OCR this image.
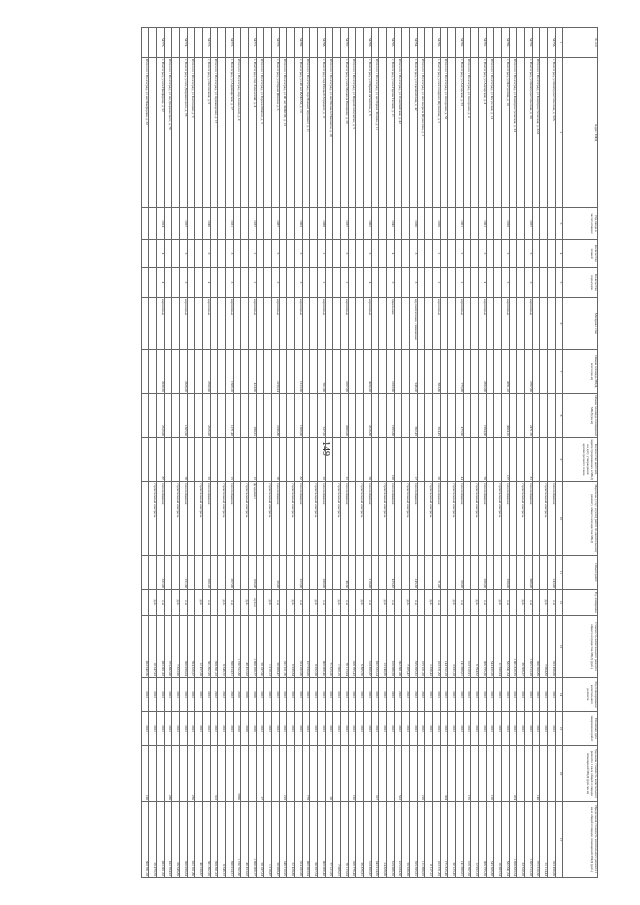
149
№ п/п	Адрес МКД	Год ввода в эксплуатацию	Количество этажей	Количество подъездов	Материал стен	Общая площадь МКД, всего (кв.м)	Общая площадь помещений МКД (кв.м)	Количество жителей, зарегистрированных в МКД на дату утверждения краткосрочного плана	Перечень услуг и (или) работ по капитальному ремонту общего имущества МКД	Объем работ	Ед. измерения	Стоимость капитального ремонта общего имущества МКД (руб.)	Год планирования капитального ремонта	Плановая дата завершения работ	Удельная стоимость капитального ремонта 1 кв.м общей площади помещений МКД (руб./кв.м)	Предельная стоимость капитального ремонта 1 кв.м общей площади помещений МКД (руб.)
1	2	3	4	5	6	7	8	9	10	11	12	13	14	15	16	17
54758.	г. Волгоград, ул Коммунистическая, д. 32А								газоснабжение	242,00	п.м	353 496,06	2022	2022		353 496,06
									строительный контроль		руб.	7 064,83	2022	2022		22 114,44
	Итого по г Волгоград, ул Коммунистическая, д. 32А											360 560,89	2022	2022	146	375 610,50
54759.	г. Волгоград, ул Коммунистическая, д. 34	1957	5	3	кирпичные	2767,60	2471,70	81	газоснабжение	660,00	п.м	1 825 313,28	2022	2022		1 825 313,28
									строительный контроль		руб.	36 506,27	2022	2022		33 520,26
	Итого по г Волгоград, ул Коммунистическая, д. 34											1 861 819,55	2022	2022	474	1 858 833,54
54760.	г. Волгоград, ул Богунская, д. 14	1959	5	5	кирпичные	4791,10	4304,10	137	газоснабжение	358,00	п.м	532 841,34	2022	2022		532 841,34
									строительный контроль		руб.	11 590,94	2022	2022		10 665,54
	Итого по г Волгоград, ул Богунская, д. 14											544 432,28	2022	2022	126	543 506,88
54761.	г. Волгоград, ул Ангарская, д. 4	1961	5	4	кирпичные	2652,00	1994,60	59	газоснабжение	280,00	п.м	306 755,39	2022	2022		306 755,39
									строительный контроль		руб.	6 764,52	2022	2022		12 952,19
	Итого по г Волгоград, ул Ангарская, д. 4											313 519,91	2022	2022	155	319 707,58
54762.	г. Волгоград, ул Ангарская, д. 53	1961	2	2	кирпичные	775,60	475,90	44	газоснабжение	99,00	п.м	141 690,01	2022	2022		141 690,01
									строительный контроль		руб.	3 032,18	2022	2022		30 125,45
	Итого по г Волгоград, ул Ангарская, д. 53											144 722,19	2022	2022	304	171 815,46
54763.	г. Волгоград, ул им генерала Шумилова, д. 2	1956	2	2	кирпичные	883,80	504,45	20	газоснабжение	71,00	п.м	103 571,83	2022	2022		103 571,83
									строительный контроль		руб.	2 339,43	2022	2022		8 117,12
	Итого по г Волгоград, ул им генерала Шумилова, д. 2											105 911,26	2022	2022	210	111 688,95
54764.	г. Волгоград, ул Олимпийская, д. 42	1930	3	3	крупноблочные, смешанные	946,20	692,45	17	газоснабжение	245,30	п.м	355 395,61	2022	2022		355 395,61
									строительный контроль		руб.	7 205,47	2022	2022		59 638,69
	Итого по г Волгоград, ул Олимпийская, д. 42											362 601,08	2022	2022	523	415 034,30
54765.	г. Волгоград, ул им Героев Тюлева, д. 11	1942	4	3	панельные	2163,60	1995,80	106	газоснабжение	425,82	п.м	619 086,59	2022	2022		619 086,59
									строительный контроль		руб.	13 246,65	2022	2022		24 828,06
	Итого по г Волгоград, ул им Героев Тюлева, д. 11											632 333,24	2022	2022	317	643 914,65
54766.	г. Волгоград, ул Первой пятилетки, д. 5	1962	5	4	кирпичные	4290,30	2016,80	58	газоснабжение	219,00	п.м	319 899,87	2022	2022		319 899,87
									строительный контроль		руб.	6 865,56	2022	2022		36 876,61
	Итого по г Волгоград, ул Первой пятилетки, д. 5											326 765,43	2022	2022	162	356 776,48
54767.	г. Волгоград, ул им Михаила Паникахи, д. 20	1937	3	2	кирпичные	2267,00	2000,00	22	газоснабжение	48,50	п.м	70 115,04	2022	2022		70 115,04
									строительный контроль		руб.	1 500,16	2022	2022		7 006,01
	Итого по г Волгоград, ул им Михаила Паникахи, д. 20											71 615,20	2022	2022	36	77 121,05
54768.	г. Волгоград, пер Ноевый Атрамент, д. 11	1988	2	2	кирпичные	561,90	537,20	29	газоснабжение	280,00	п.м	409 006,40	2022	2022		409 006,40
									строительный контроль		руб.	8 952,69	2022	2022		80 657,54
	Итого по г Волгоград, пер Ноевый Атрамент, д. 11											417 959,09	2022	2022	778	489 663,94
54769.	г. Волгоград, ул 40 лет ВЛКСМ, д. 13	1963	5	3	кирпичные	1613,50	1509,00	82	газоснабжение	222,00	п.м	324 282,06	2022	2022		324 282,06
									строительный контроль		руб.	6 939,64	2022	2022		22 428,89
	Итого по г Волгоград, ул 40 лет ВЛКСМ, д. 13											331 221,70	2022	2022	219	346 710,95
54770.	г. Волгоград, ул Героев Шипки, д. 3	1987	5	3	кирпичные	2256,94	2186,80	70	газоснабжение	39,00	п.м	56 968,47	2022	2022		56 968,47
									строительный контроль		руб.	1 219,13	2022	2022		1 218,87
	Итого по г Волгоград, ул Героев Шипки, д. 3											58 187,60	2022	2022	27	58 187,34
54771.	г. Волгоград, пер Анненский, д. 4	1937	2	2	кирпичные	424,50	288,61	15	фундамент	106,00	куб.м	1 690 100,77	2020	2020		1 690 309,77
									строительный контроль		руб.	40 452,03	2020	2020		40 453,03
	Итого по г Волгоград, пер Анненский, д. 4											1 730 552,80	2020	2020	5996	1 730 762,80
54772.	г. Волгоград, ул Армавирская, д. 17	1931	3	3	кирпичные	1509,10	1271,40	15	газоснабжение	267,00	п.м	390 014,51	2022	2022		390 014,51
									строительный контроль		руб.	8 346,72	2022	2022		8 346,72
	Итого по г Волгоград, ул Армавирская, д. 17											398 361,23	2022	2022	313	398 361,23
54773.	г. Волгоград, ул Колхозная, д. 9	1946	6	4	кирпичные	2590,90	2326,00	29	газоснабжение	396,20	п.м	581 862,99	2022	2022		581 862,99
									строительный контроль		руб.	12 457,38	2022	2022		40 238,87
	Итого по г Волгоград, ул Колхозная, д. 9											594 320,37	2022	2022	256	622 101,86
54774.	г. Волгоград, ул им Дзержинского, д. 78	1957	5	3	кирпичные	2626,20	1305,90	70	газоснабжение	251,60	п.м	366 058,04	2022	2022		366 058,04
									строительный контроль		руб.	7 823,96	2022	2022		66 646,89
	Итого по г Волгоград, ул им Дзержинского, д. 78											373 882,00	2022	2022	286	432 704,93
54775.	г. Волгоград, ул им Панферова, д. 32	1954	4	4	кирпичные	2930,50	2520,00	87	газоснабжение	331,00	п.м	483 301,63	2022	2022		483 301,63
									строительный контроль		руб.	10 347,93	2022	2022		26 479,55
	Итого по г Волгоград, ул им Панферова, д. 32											493 649,56	2022	2022	196	509 781,18
